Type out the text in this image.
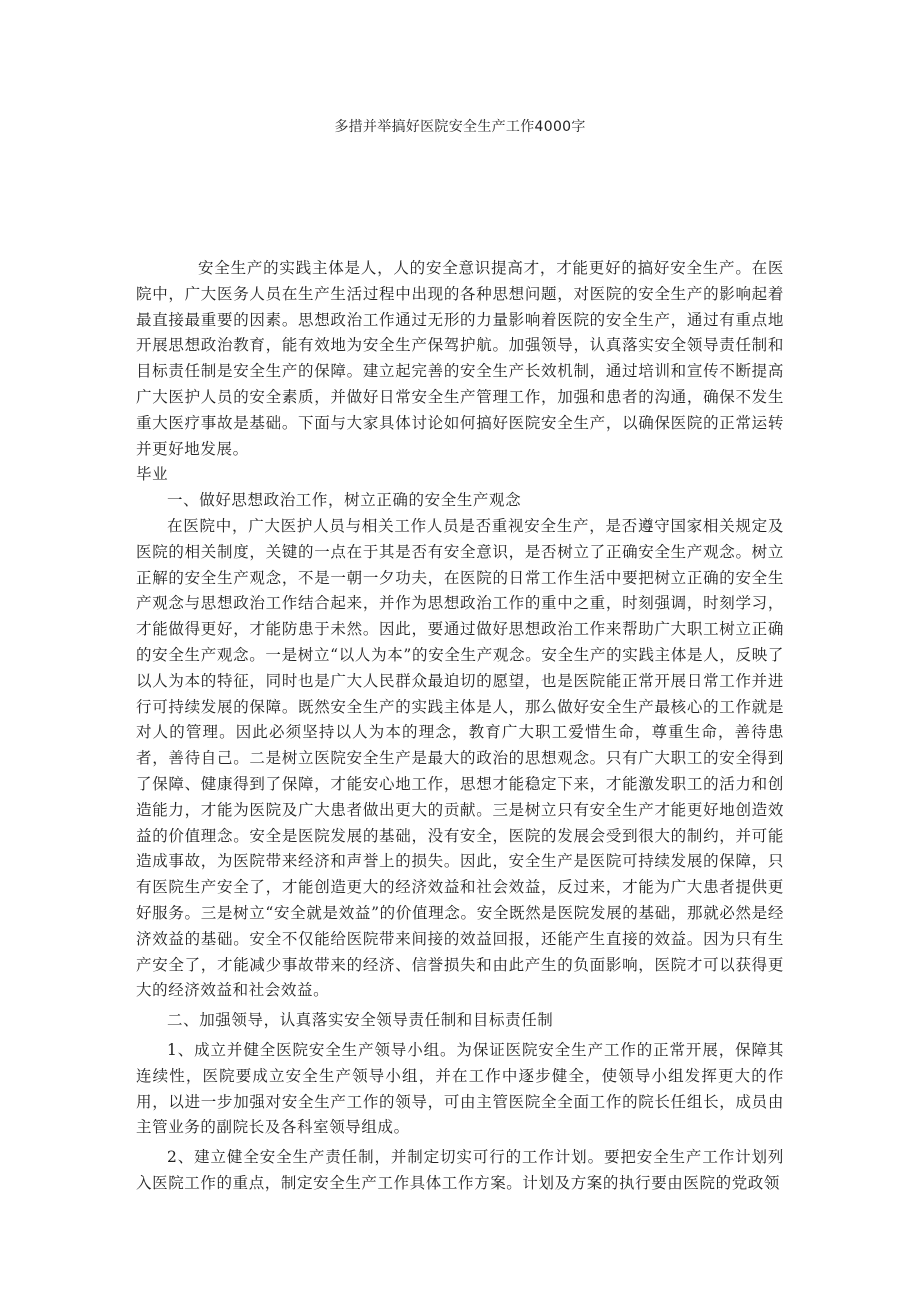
多措并举搞好医院安全生产工作4000字

安全生产的实践主体是人，人的安全意识提高才，才能更好的搞好安全生产。在医院中，广大医务人员在生产生活过程中出现的各种思想问题，对医院的安全生产的影响起着最直接最重要的因素。思想政治工作通过无形的力量影响着医院的安全生产，通过有重点地开展思想政治教育，能有效地为安全生产保驾护航。加强领导，认真落实安全领导责任制和目标责任制是安全生产的保障。建立起完善的安全生产长效机制，通过培训和宣传不断提高广大医护人员的安全素质，并做好日常安全生产管理工作，加强和患者的沟通，确保不发生重大医疗事故是基础。下面与大家具体讨论如何搞好医院安全生产，以确保医院的正常运转并更好地发展。

毕业

一、做好思想政治工作，树立正确的安全生产观念

在医院中，广大医护人员与相关工作人员是否重视安全生产，是否遵守国家相关规定及医院的相关制度，关键的一点在于其是否有安全意识，是否树立了正确安全生产观念。树立正解的安全生产观念，不是一朝一夕功夫，在医院的日常工作生活中要把树立正确的安全生产观念与思想政治工作结合起来，并作为思想政治工作的重中之重，时刻强调，时刻学习，才能做得更好，才能防患于未然。因此，要通过做好思想政治工作来帮助广大职工树立正确的安全生产观念。一是树立“以人为本”的安全生产观念。安全生产的实践主体是人，反映了以人为本的特征，同时也是广大人民群众最迫切的愿望，也是医院能正常开展日常工作并进行可持续发展的保障。既然安全生产的实践主体是人，那么做好安全生产最核心的工作就是对人的管理。因此必须坚持以人为本的理念，教育广大职工爱惜生命，尊重生命，善待患者，善待自己。二是树立医院安全生产是最大的政治的思想观念。只有广大职工的安全得到了保障、健康得到了保障，才能安心地工作，思想才能稳定下来，才能激发职工的活力和创造能力，才能为医院及广大患者做出更大的贡献。三是树立只有安全生产才能更好地创造效益的价值理念。安全是医院发展的基础，没有安全，医院的发展会受到很大的制约，并可能造成事故，为医院带来经济和声誉上的损失。因此，安全生产是医院可持续发展的保障，只有医院生产安全了，才能创造更大的经济效益和社会效益，反过来，才能为广大患者提供更好服务。三是树立“安全就是效益”的价值理念。安全既然是医院发展的基础，那就必然是经济效益的基础。安全不仅能给医院带来间接的效益回报，还能产生直接的效益。因为只有生产安全了，才能减少事故带来的经济、信誉损失和由此产生的负面影响，医院才可以获得更大的经济效益和社会效益。

二、加强领导，认真落实安全领导责任制和目标责任制

1、成立并健全医院安全生产领导小组。为保证医院安全生产工作的正常开展，保障其连续性，医院要成立安全生产领导小组，并在工作中逐步健全，使领导小组发挥更大的作用，以进一步加强对安全生产工作的领导，可由主管医院全全面工作的院长任组长，成员由主管业务的副院长及各科室领导组成。

2、建立健全安全生产责任制，并制定切实可行的工作计划。要把安全生产工作计划列入医院工作的重点，制定安全生产工作具体工作方案。计划及方案的执行要由医院的党政领
